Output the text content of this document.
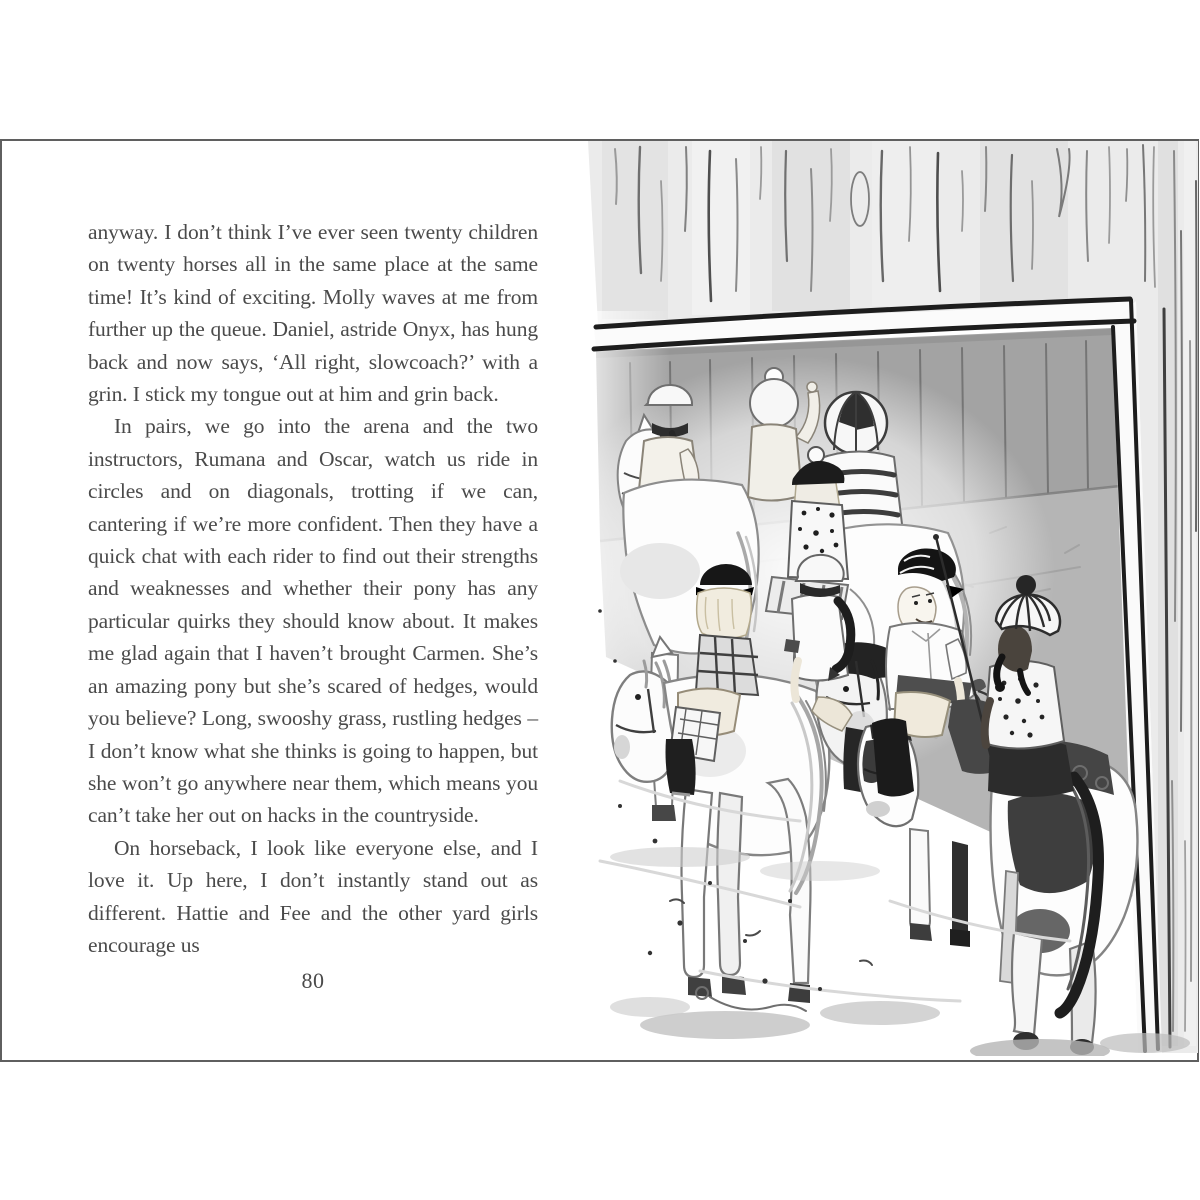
anyway. I don’t think I’ve ever seen twenty children on twenty horses all in the same place at the same time! It’s kind of exciting. Molly waves at me from further up the queue. Daniel, astride Onyx, has hung back and now says, ‘All right, slowcoach?’ with a grin. I stick my tongue out at him and grin back.

In pairs, we go into the arena and the two instructors, Rumana and Oscar, watch us ride in circles and on diagonals, trotting if we can, cantering if we’re more confident. Then they have a quick chat with each rider to find out their strengths and weaknesses and whether their pony has any particular quirks they should know about. It makes me glad again that I haven’t brought Carmen. She’s an amazing pony but she’s scared of hedges, would you believe? Long, swooshy grass, rustling hedges – I don’t know what she thinks is going to happen, but she won’t go anywhere near them, which means you can’t take her out on hacks in the countryside.

On horseback, I look like everyone else, and I love it. Up here, I don’t instantly stand out as different. Hattie and Fee and the other yard girls encourage us

80
